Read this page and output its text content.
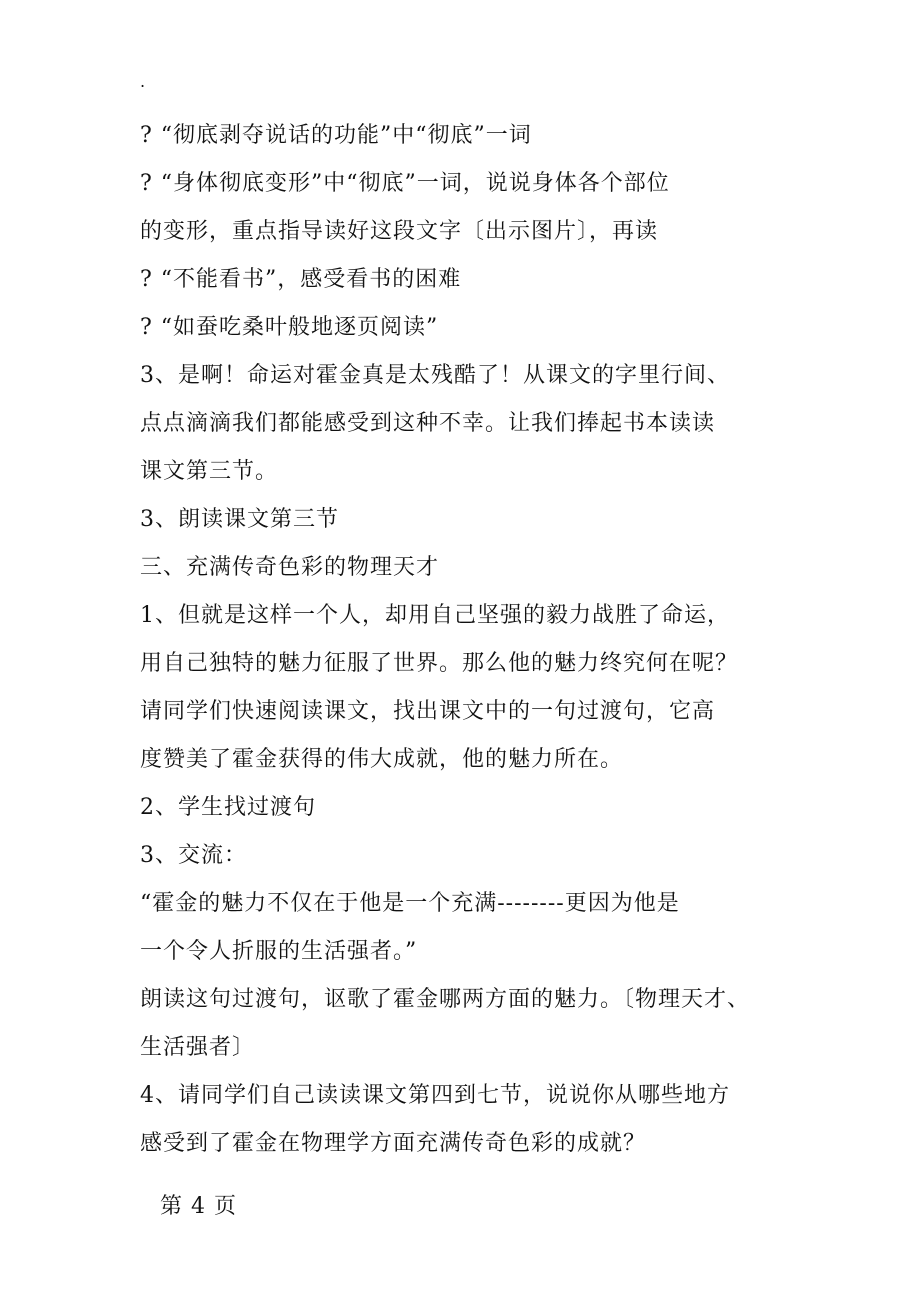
.
? “彻底剥夺说话的功能”中“彻底”一词
? “身体彻底变形”中“彻底”一词，说说身体各个部位
的变形，重点指导读好这段文字〔出示图片〕，再读
? “不能看书”，感受看书的困难
? “如蚕吃桑叶般地逐页阅读”
3、是啊！命运对霍金真是太残酷了！从课文的字里行间、
点点滴滴我们都能感受到这种不幸。让我们捧起书本读读
课文第三节。
3、朗读课文第三节
三、充满传奇色彩的物理天才
1、但就是这样一个人，却用自己坚强的毅力战胜了命运，
用自己独特的魅力征服了世界。那么他的魅力终究何在呢？
请同学们快速阅读课文，找出课文中的一句过渡句，它高
度赞美了霍金获得的伟大成就，他的魅力所在。
2、学生找过渡句
3、交流：
“霍金的魅力不仅在于他是一个充满--------更因为他是
一个令人折服的生活强者。”
朗读这句过渡句，讴歌了霍金哪两方面的魅力。〔物理天才、
生活强者〕
4、请同学们自己读读课文第四到七节，说说你从哪些地方
感受到了霍金在物理学方面充满传奇色彩的成就？
第 4 页
